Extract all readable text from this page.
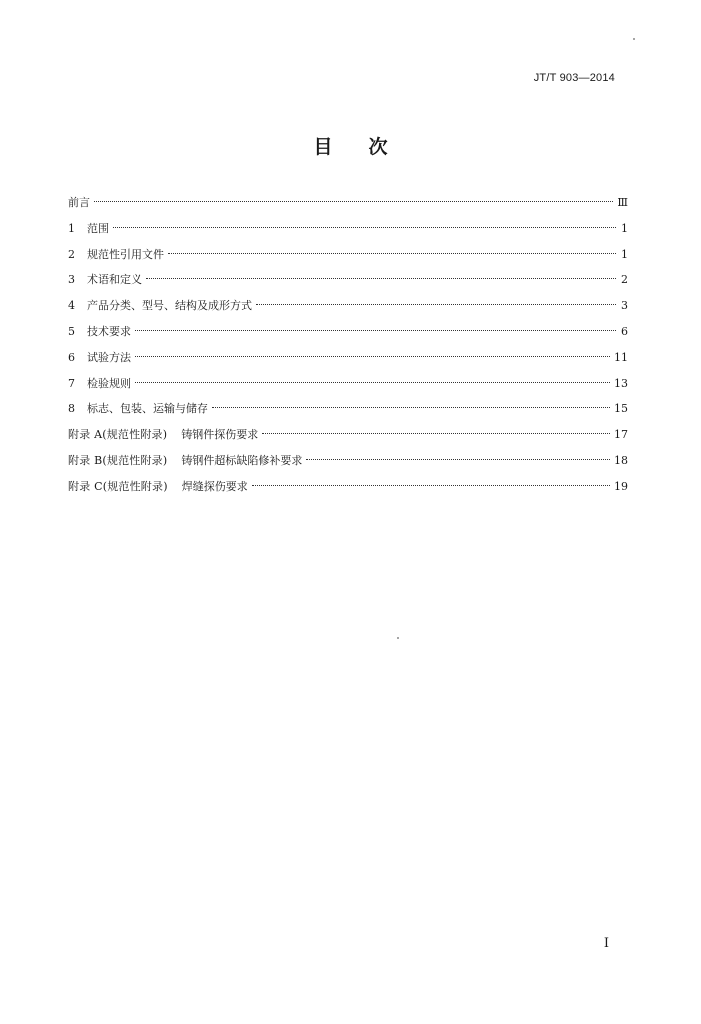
JT/T 903—2014
目 次
前言	Ⅲ
1	范围	1
2	规范性引用文件	1
3	术语和定义	2
4	产品分类、型号、结构及成形方式	3
5	技术要求	6
6	试验方法	11
7	检验规则	13
8	标志、包装、运输与储存	15
附录 A(规范性附录) 铸钢件探伤要求	17
附录 B(规范性附录) 铸钢件超标缺陷修补要求	18
附录 C(规范性附录) 焊缝探伤要求	19
I
